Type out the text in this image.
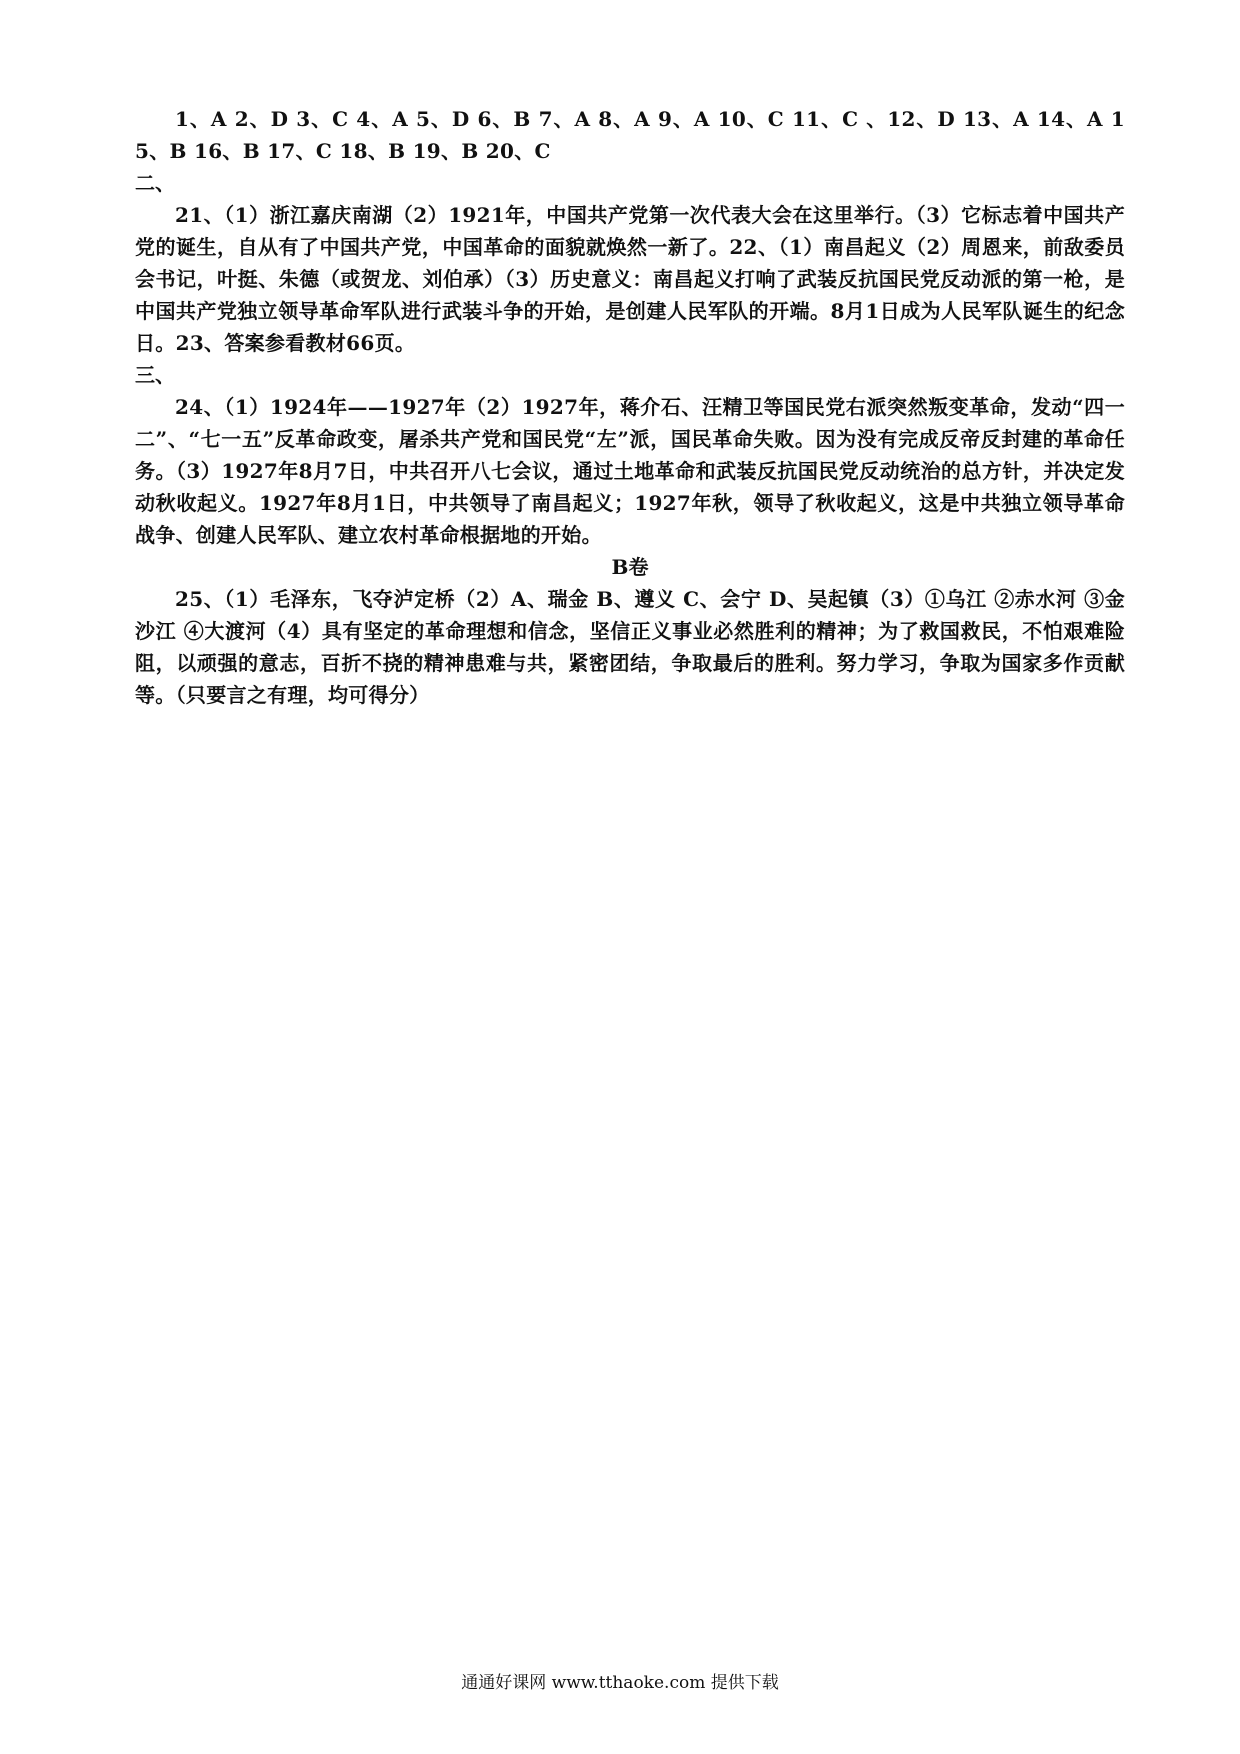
1、A 2、D 3、C 4、A 5、D 6、B 7、A 8、A 9、A 10、C 11、C 、12、D 13、A 14、A 15、B 16、B 17、C 18、B 19、B 20、C

二、

21、（1）浙江嘉庆南湖（2）1921年，中国共产党第一次代表大会在这里举行。（3）它标志着中国共产党的诞生，自从有了中国共产党，中国革命的面貌就焕然一新了。22、（1）南昌起义（2）周恩来，前敌委员会书记，叶挺、朱德（或贺龙、刘伯承）（3）历史意义：南昌起义打响了武装反抗国民党反动派的第一枪，是中国共产党独立领导革命军队进行武装斗争的开始，是创建人民军队的开端。8月1日成为人民军队诞生的纪念日。23、答案参看教材66页。

三、

24、（1）1924年——1927年（2）1927年，蒋介石、汪精卫等国民党右派突然叛变革命，发动“四一二”、“七一五”反革命政变，屠杀共产党和国民党“左”派，国民革命失败。因为没有完成反帝反封建的革命任务。（3）1927年8月7日，中共召开八七会议，通过土地革命和武装反抗国民党反动统治的总方针，并决定发动秋收起义。1927年8月1日，中共领导了南昌起义；1927年秋，领导了秋收起义，这是中共独立领导革命战争、创建人民军队、建立农村革命根据地的开始。

B卷

25、（1）毛泽东，飞夺泸定桥（2）A、瑞金 B、遵义 C、会宁 D、吴起镇（3）①乌江 ②赤水河 ③金沙江 ④大渡河（4）具有坚定的革命理想和信念，坚信正义事业必然胜利的精神；为了救国救民，不怕艰难险阻，以顽强的意志，百折不挠的精神患难与共，紧密团结，争取最后的胜利。努力学习，争取为国家多作贡献等。（只要言之有理，均可得分）

通通好课网 www.tthaoke.com 提供下载
